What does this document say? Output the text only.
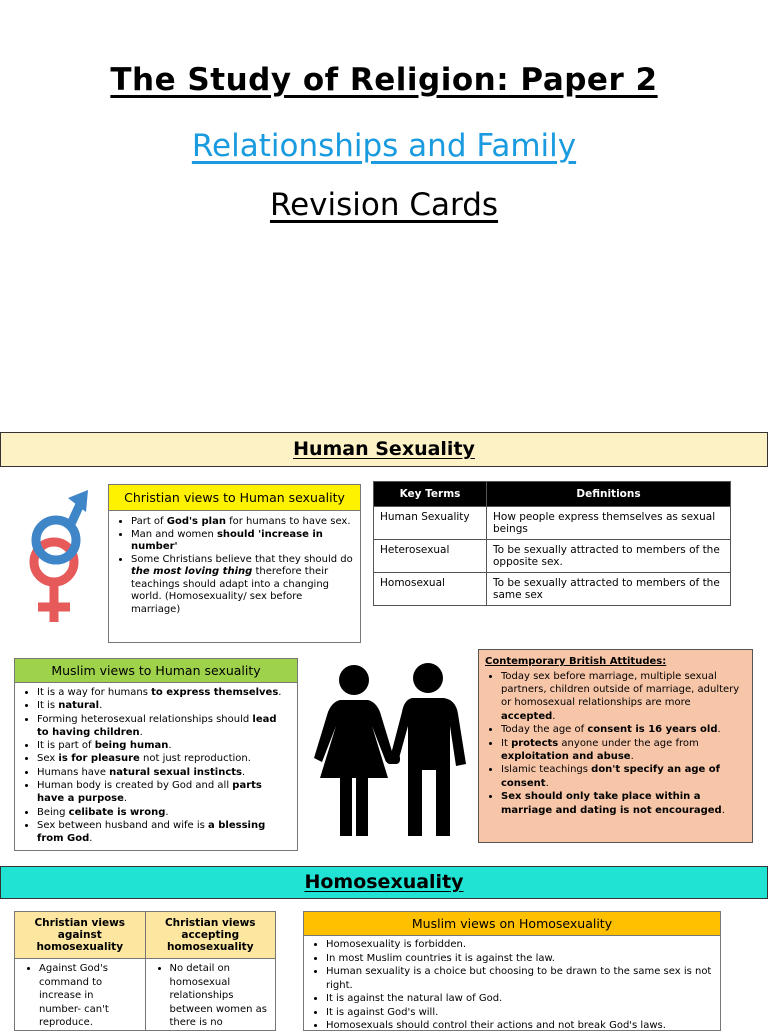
The Study of Religion: Paper 2
Relationships and Family
Revision Cards
Human Sexuality
Christian views to Human sexuality
• Part of God's plan for humans to have sex.
• Man and women should 'increase in number'
• Some Christians believe that they should do the most loving thing therefore their teachings should adapt into a changing world. (Homosexuality/ sex before marriage)
Key Terms	Definitions
Human Sexuality	How people express themselves as sexual beings
Heterosexual	To be sexually attracted to members of the opposite sex.
Homosexual	To be sexually attracted to members of the same sex
Muslim views to Human sexuality
• It is a way for humans to express themselves.
• It is natural.
• Forming heterosexual relationships should lead to having children.
• It is part of being human.
• Sex is for pleasure not just reproduction.
• Humans have natural sexual instincts.
• Human body is created by God and all parts have a purpose.
• Being celibate is wrong.
• Sex between husband and wife is a blessing from God.
Contemporary British Attitudes:
• Today sex before marriage, multiple sexual partners, children outside of marriage, adultery or homosexual relationships are more accepted.
• Today the age of consent is 16 years old.
• It protects anyone under the age from exploitation and abuse.
• Islamic teachings don't specify an age of consent.
• Sex should only take place within a marriage and dating is not encouraged.
Homosexuality
Christian views against homosexuality
• Against God's command to increase in number- can't reproduce.
Christian views accepting homosexuality
• No detail on homosexual relationships between women as there is no
Muslim views on Homosexuality
• Homosexuality is forbidden.
• In most Muslim countries it is against the law.
• Human sexuality is a choice but choosing to be drawn to the same sex is not right.
• It is against the natural law of God.
• It is against God's will.
• Homosexuals should control their actions and not break God's laws.
